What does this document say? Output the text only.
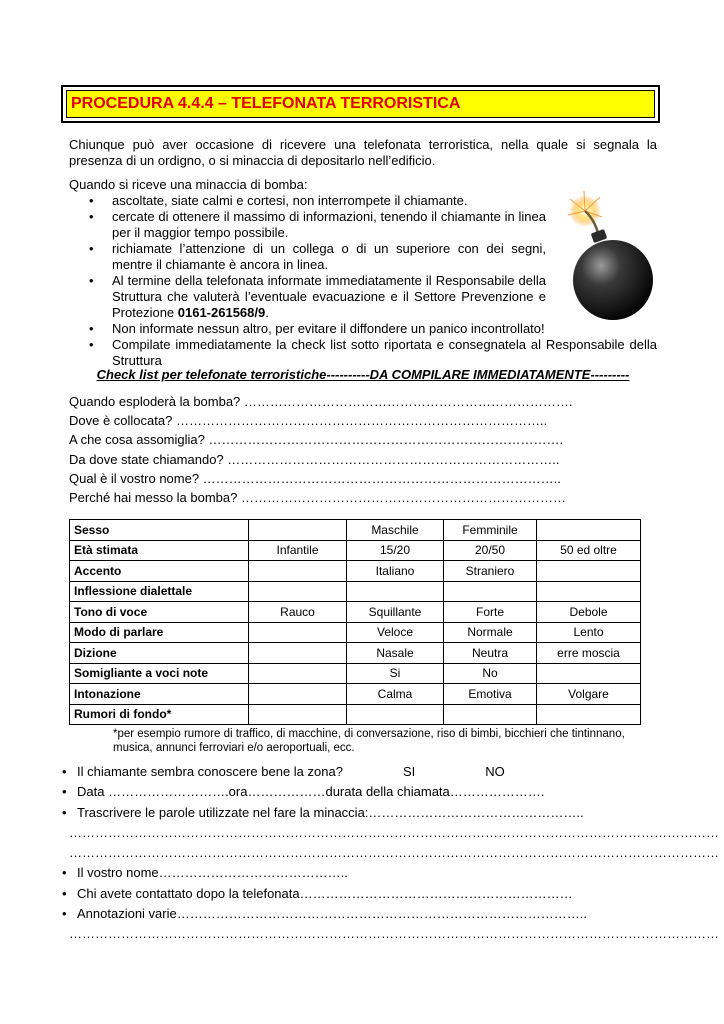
PROCEDURA 4.4.4 – TELEFONATA TERRORISTICA
Chiunque può aver occasione di ricevere una telefonata terroristica, nella quale si segnala la presenza di un ordigno, o si minaccia di depositarlo nell’edificio.
Quando si riceve una minaccia di bomba:
• ascoltate, siate calmi e cortesi, non interrompete il chiamante.
• cercate di ottenere il massimo di informazioni, tenendo il chiamante in linea per il maggior tempo possibile.
• richiamate l’attenzione di un collega o di un superiore con dei segni, mentre il chiamante è ancora in linea.
• Al termine della telefonata informate immediatamente il Responsabile della Struttura che valuterà l’eventuale evacuazione e il Settore Prevenzione e Protezione 0161-261568/9.
• Non informate nessun altro, per evitare il diffondere un panico incontrollato!
• Compilate immediatamente la check list sotto riportata e consegnatela al Responsabile della Struttura
Check list per telefonate terroristiche----------DA COMPILARE IMMEDIATAMENTE---------
Quando esploderà la bomba? ………………………………………………………………….
Dove è collocata? …………………………………………………………………………..
A che cosa assomiglia? ……………………………………………………………………….
Da dove state chiamando? …………………………………………………………………..
Qual è il vostro nome? ………………………………………………………………………..
Perché hai messo la bomba? …………………………………………………………………
Sesso		Maschile	Femminile	
Età stimata	Infantile	15/20	20/50	50 ed oltre
Accento		Italiano	Straniero	
Inflessione dialettale				
Tono di voce	Rauco	Squillante	Forte	Debole
Modo di parlare		Veloce	Normale	Lento
Dizione		Nasale	Neutra	erre moscia
Somigliante a voci note		Si	No	
Intonazione		Calma	Emotiva	Volgare
Rumori di fondo*				
*per esempio rumore di traffico, di macchine, di conversazione, riso di bimbi, bicchieri che tintinnano, musica, annunci ferroviari e/o aeroportuali, ecc.
• Il chiamante sembra conoscere bene la zona?	SI	NO
• Data ……………………….ora………………durata della chiamata………………….
• Trascrivere le parole utilizzate nel fare la minaccia:…………………………………………..
……………………………………………………………………………………………………………………………………
……………………………………………………………………………………………………………………………………
• Il vostro nome……………………………………..
• Chi avete contattato dopo la telefonata………………………………………………………
• Annotazioni varie…………………………………………………………………………………..
……………………………………………………………………………………………………………………………………
